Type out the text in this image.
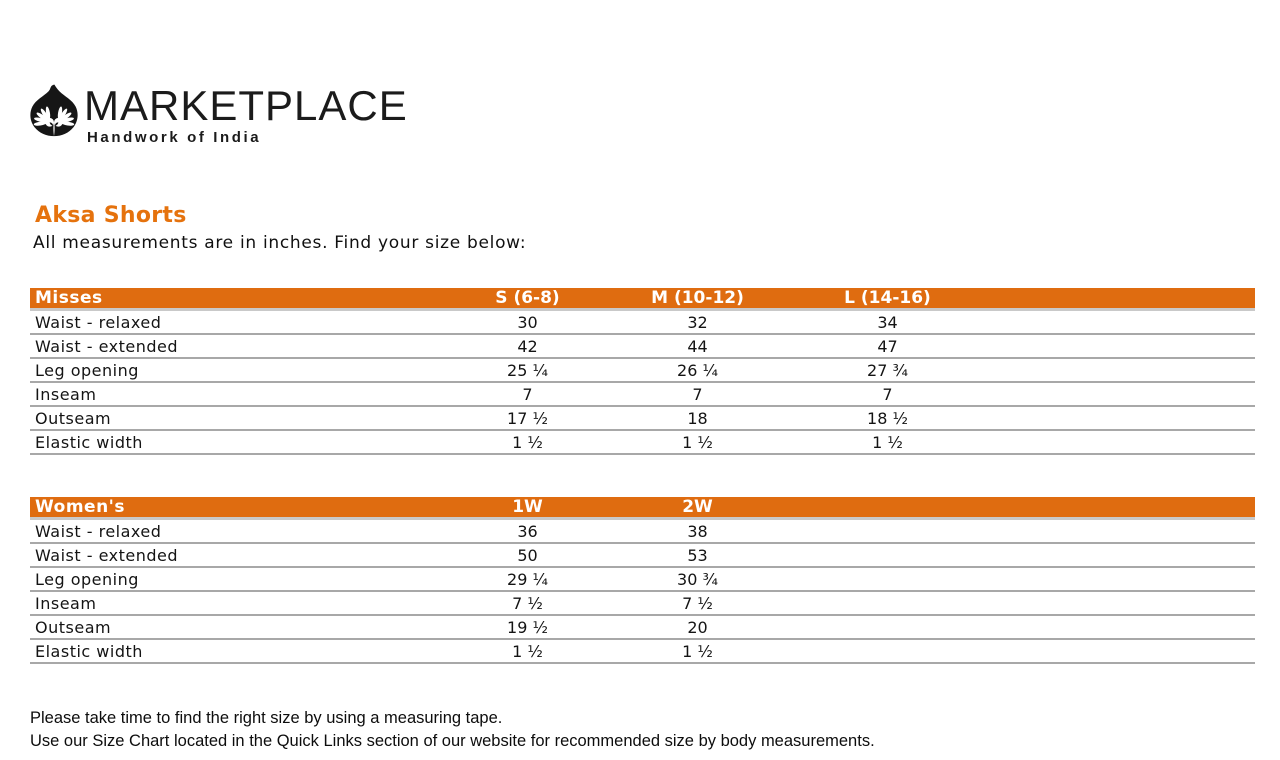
MARKETPLACE
Handwork of India
Aksa Shorts

All measurements are in inches. Find your size below:

Misses	S (6-8)	M (10-12)	L (14-16)
Waist - relaxed	30	32	34
Waist - extended	42	44	47
Leg opening	25 ¼	26 ¼	27 ¾
Inseam	7	7	7
Outseam	17 ½	18	18 ½
Elastic width	1 ½	1 ½	1 ½
Women's	1W	2W
Waist - relaxed	36	38
Waist - extended	50	53
Leg opening	29 ¼	30 ¾
Inseam	7 ½	7 ½
Outseam	19 ½	20
Elastic width	1 ½	1 ½

Please take time to find the right size by using a measuring tape.

Use our Size Chart located in the Quick Links section of our website for recommended size by body measurements.
